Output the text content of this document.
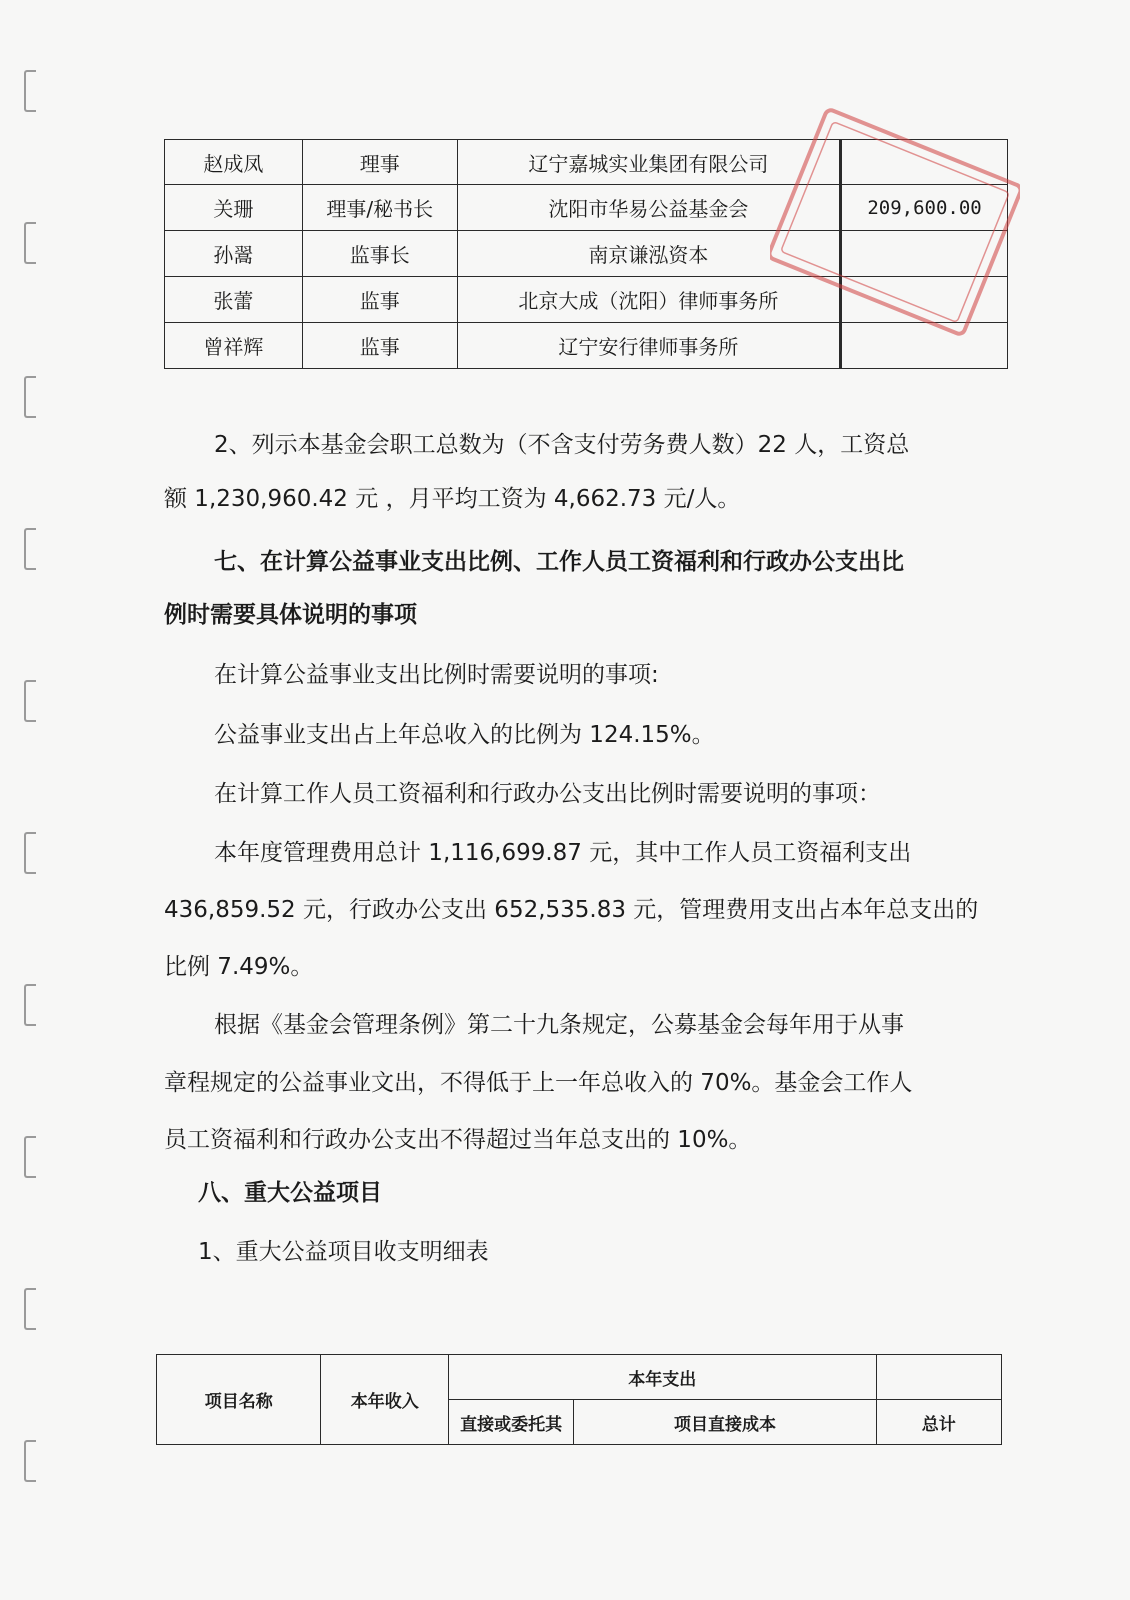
赵成凤	理事	辽宁嘉城实业集团有限公司	
关珊	理事/秘书长	沈阳市华易公益基金会	209,600.00
孙翯	监事长	南京谦泓资本	
张蕾	监事	北京大成（沈阳）律师事务所	
曾祥辉	监事	辽宁安行律师事务所	

2、列示本基金会职工总数为（不含支付劳务费人数）22 人，工资总

额 1,230,960.42 元 ，月平均工资为 4,662.73 元/人。

七、在计算公益事业支出比例、工作人员工资福利和行政办公支出比

例时需要具体说明的事项

在计算公益事业支出比例时需要说明的事项:

公益事业支出占上年总收入的比例为 124.15%。

在计算工作人员工资福利和行政办公支出比例时需要说明的事项：

本年度管理费用总计 1,116,699.87 元，其中工作人员工资福利支出

436,859.52 元，行政办公支出 652,535.83 元，管理费用支出占本年总支出的

比例 7.49%。

根据《基金会管理条例》第二十九条规定，公募基金会每年用于从事

章程规定的公益事业文出，不得低于上一年总收入的 70%。基金会工作人

员工资福利和行政办公支出不得超过当年总支出的 10%。

八、重大公益项目

1、重大公益项目收支明细表

项目名称	本年收入	本年支出		
		直接或委托其	项目直接成本	总计
